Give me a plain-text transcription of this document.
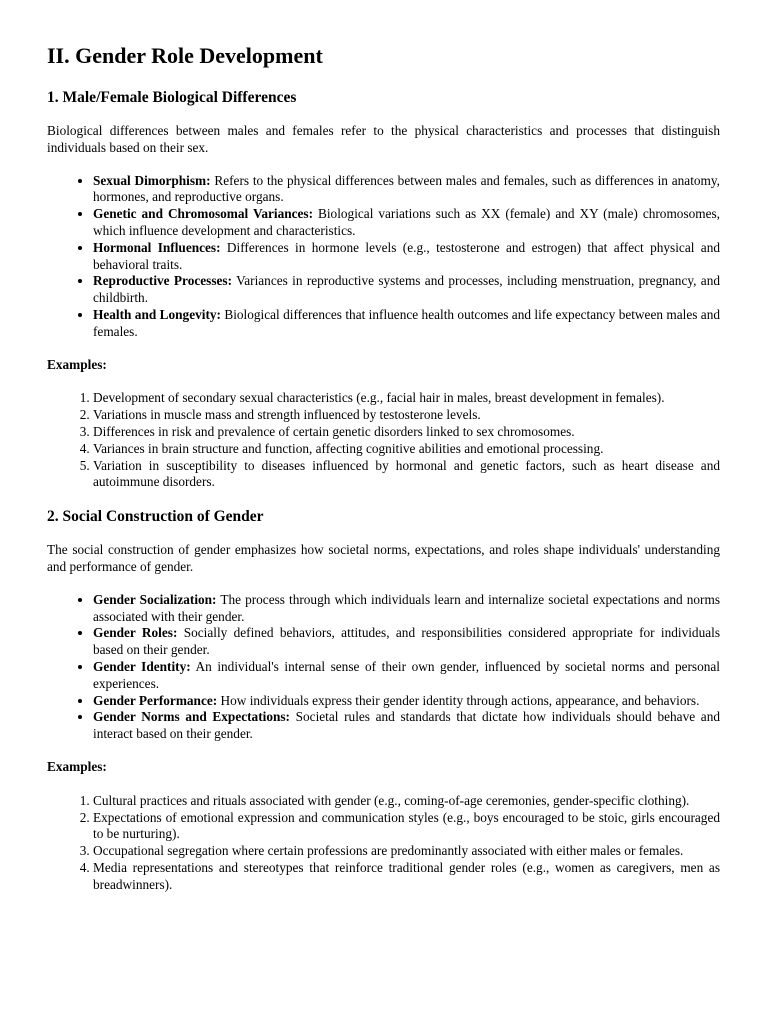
II. Gender Role Development
1. Male/Female Biological Differences

Biological differences between males and females refer to the physical characteristics and processes that distinguish individuals based on their sex.

• Sexual Dimorphism: Refers to the physical differences between males and females, such as differences in anatomy, hormones, and reproductive organs.
• Genetic and Chromosomal Variances: Biological variations such as XX (female) and XY (male) chromosomes, which influence development and characteristics.
• Hormonal Influences: Differences in hormone levels (e.g., testosterone and estrogen) that affect physical and behavioral traits.
• Reproductive Processes: Variances in reproductive systems and processes, including menstruation, pregnancy, and childbirth.
• Health and Longevity: Biological differences that influence health outcomes and life expectancy between males and females.

Examples:

1. Development of secondary sexual characteristics (e.g., facial hair in males, breast development in females).
2. Variations in muscle mass and strength influenced by testosterone levels.
3. Differences in risk and prevalence of certain genetic disorders linked to sex chromosomes.
4. Variances in brain structure and function, affecting cognitive abilities and emotional processing.
5. Variation in susceptibility to diseases influenced by hormonal and genetic factors, such as heart disease and autoimmune disorders.
2. Social Construction of Gender

The social construction of gender emphasizes how societal norms, expectations, and roles shape individuals' understanding and performance of gender.

• Gender Socialization: The process through which individuals learn and internalize societal expectations and norms associated with their gender.
• Gender Roles: Socially defined behaviors, attitudes, and responsibilities considered appropriate for individuals based on their gender.
• Gender Identity: An individual's internal sense of their own gender, influenced by societal norms and personal experiences.
• Gender Performance: How individuals express their gender identity through actions, appearance, and behaviors.
• Gender Norms and Expectations: Societal rules and standards that dictate how individuals should behave and interact based on their gender.

Examples:

1. Cultural practices and rituals associated with gender (e.g., coming-of-age ceremonies, gender-specific clothing).
2. Expectations of emotional expression and communication styles (e.g., boys encouraged to be stoic, girls encouraged to be nurturing).
3. Occupational segregation where certain professions are predominantly associated with either males or females.
4. Media representations and stereotypes that reinforce traditional gender roles (e.g., women as caregivers, men as breadwinners).
